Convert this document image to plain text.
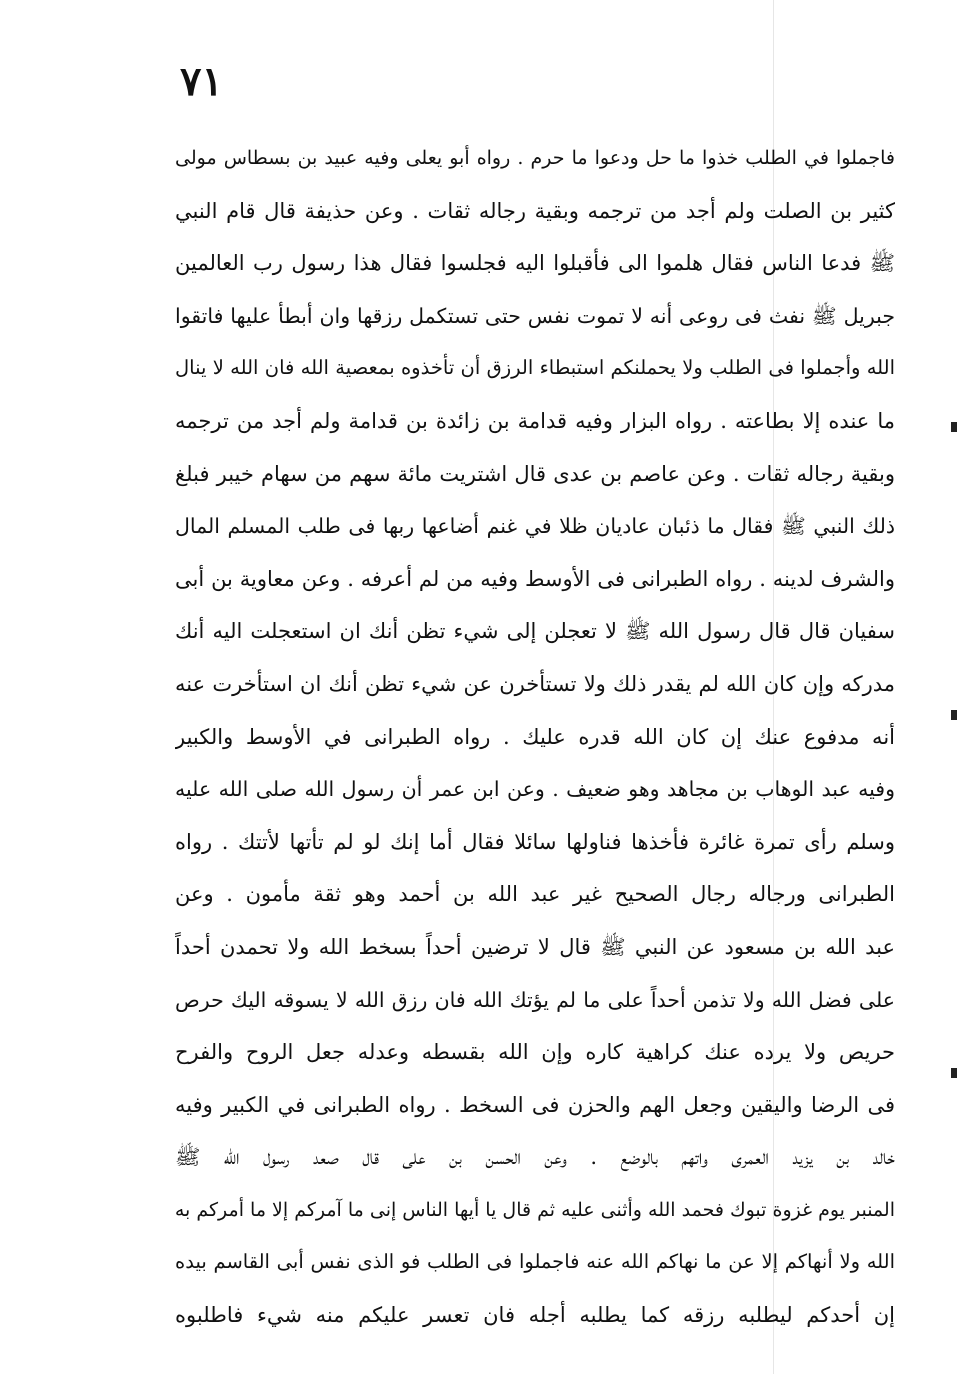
٧١
فاجملوا في الطلب خذوا ما حل ودعوا ما حرم . رواه أبو يعلى وفيه عبيد بن بسطاس مولى
كثير بن الصلت ولم أجد من ترجمه وبقية رجاله ثقات . وعن حذيفة قال قام النبي
ﷺ فدعا الناس فقال هلموا الى فأقبلوا اليه فجلسوا فقال هذا رسول رب العالمين
جبريل ﷺ نفث فى روعى أنه لا تموت نفس حتى تستكمل رزقها وان أبطأ عليها فاتقوا
الله وأجملوا فى الطلب ولا يحملنكم استبطاء الرزق أن تأخذوه بمعصية الله فان الله لا ينال
ما عنده إلا بطاعته . رواه البزار وفيه قدامة بن زائدة بن قدامة ولم أجد من ترجمه
وبقية رجاله ثقات . وعن عاصم بن عدى قال اشتريت مائة سهم من سهام خيبر فبلغ
ذلك النبي ﷺ فقال ما ذئبان عاديان ظلا في غنم أضاعها ربها فى طلب المسلم المال
والشرف لدينه . رواه الطبرانى فى الأوسط وفيه من لم أعرفه . وعن معاوية بن أبى
سفيان قال قال رسول الله ﷺ لا تعجلن إلى شيء تظن أنك ان استعجلت اليه أنك
مدركه وإن كان الله لم يقدر ذلك ولا تستأخرن عن شيء تظن أنك ان استأخرت عنه
أنه مدفوع عنك إن كان الله قدره عليك . رواه الطبرانى في الأوسط والكبير
وفيه عبد الوهاب بن مجاهد وهو ضعيف . وعن ابن عمر أن رسول الله صلى الله عليه
وسلم رأى تمرة غائرة فأخذها فناولها سائلا فقال أما إنك لو لم تأتها لأتتك . رواه
الطبرانى ورجاله رجال الصحيح غير عبد الله بن أحمد وهو ثقة مأمون . وعن
عبد الله بن مسعود عن النبي ﷺ قال لا ترضين أحداً بسخط الله ولا تحمدن أحداً
على فضل الله ولا تذمن أحداً على ما لم يؤتك الله فان رزق الله لا يسوقه اليك حرص
حريص ولا يرده عنك كراهية كاره وإن الله بقسطه وعدله جعل الروح والفرح
فى الرضا واليقين وجعل الهم والحزن فى السخط . رواه الطبرانى في الكبير وفيه
خالد بن يزيد العمرى واتهم بالوضع . وعن الحسن بن على قال صعد رسول الله ﷺ
المنبر يوم غزوة تبوك فحمد الله وأثنى عليه ثم قال يا أيها الناس إنى ما آمركم إلا ما أمركم به
الله ولا أنهاكم إلا عن ما نهاكم الله عنه فاجملوا فى الطلب فو الذى نفس أبى القاسم بيده
إن أحدكم ليطلبه رزقه كما يطلبه أجله فان تعسر عليكم منه شيء فاطلبوه
